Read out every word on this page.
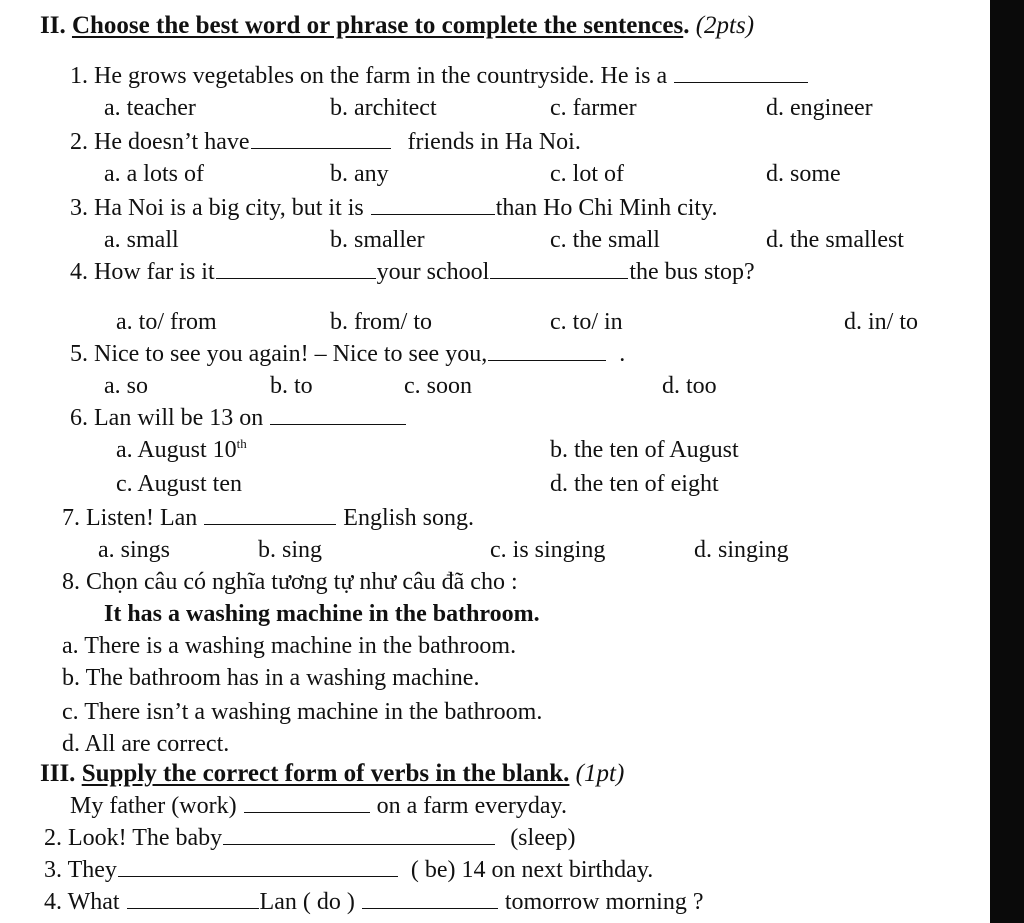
II. Choose the best word or phrase to complete the sentences. (2pts)
1. He grows vegetables on the farm in the countryside. He is a
a. teacher	b. architect	c. farmer	d. engineer
2. He doesn’t have	friends in Ha Noi.
a. a lots of	b. any	c. lot of	d. some
3. Ha Noi is a big city, but it is	than Ho Chi Minh city.
a. small	b. smaller	c. the small	d. the smallest
4. How far is it	your school	the bus stop?
a. to/ from	b. from/ to	c. to/ in	d. in/ to
5. Nice to see you again! – Nice to see you,	.
a. so	b. to	c. soon	d. too
6. Lan will be 13 on
a. August 10th	b. the ten of August
c. August ten	d. the ten of eight
7. Listen! Lan	English song.
a. sings	b. sing	c. is singing	d. singing
8. Chọn câu có nghĩa tương tự như câu đã cho :
It has a washing machine in the bathroom.
a. There is a washing machine in the bathroom.
b. The bathroom has in a washing machine.
c. There isn’t a washing machine in the bathroom.
d. All are correct.
III. Supply the correct form of verbs in the blank. (1pt)
My father (work)	on a farm everyday.
2. Look! The baby	(sleep)
3. They	( be) 14 on next birthday.
4. What	Lan ( do )	tomorrow morning ?
